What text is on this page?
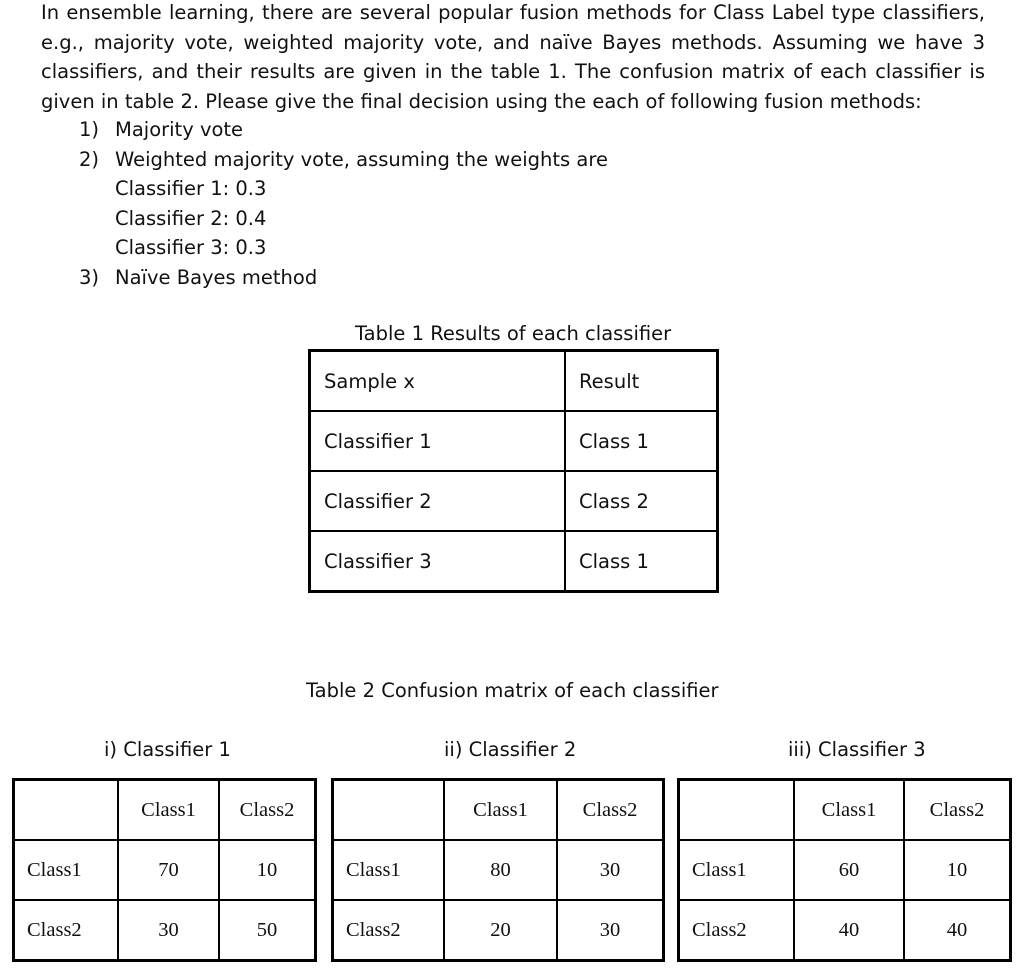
In ensemble learning, there are several popular fusion methods for Class Label type classifiers, e.g., majority vote, weighted majority vote, and naïve Bayes methods. Assuming we have 3 classifiers, and their results are given in the table 1. The confusion matrix of each classifier is given in table 2. Please give the final decision using the each of following fusion methods:
1) Majority vote
2) Weighted majority vote, assuming the weights are
Classifier 1: 0.3
Classifier 2: 0.4
Classifier 3: 0.3
3) Naïve Bayes method
Table 1 Results of each classifier
Sample x	Result
Classifier 1	Class 1
Classifier 2	Class 2
Classifier 3	Class 1
Table 2 Confusion matrix of each classifier
i) Classifier 1	ii) Classifier 2	iii) Classifier 3
	Class1	Class2
Class1	70	10
Class2	30	50
	Class1	Class2
Class1	80	30
Class2	20	30
	Class1	Class2
Class1	60	10
Class2	40	40
